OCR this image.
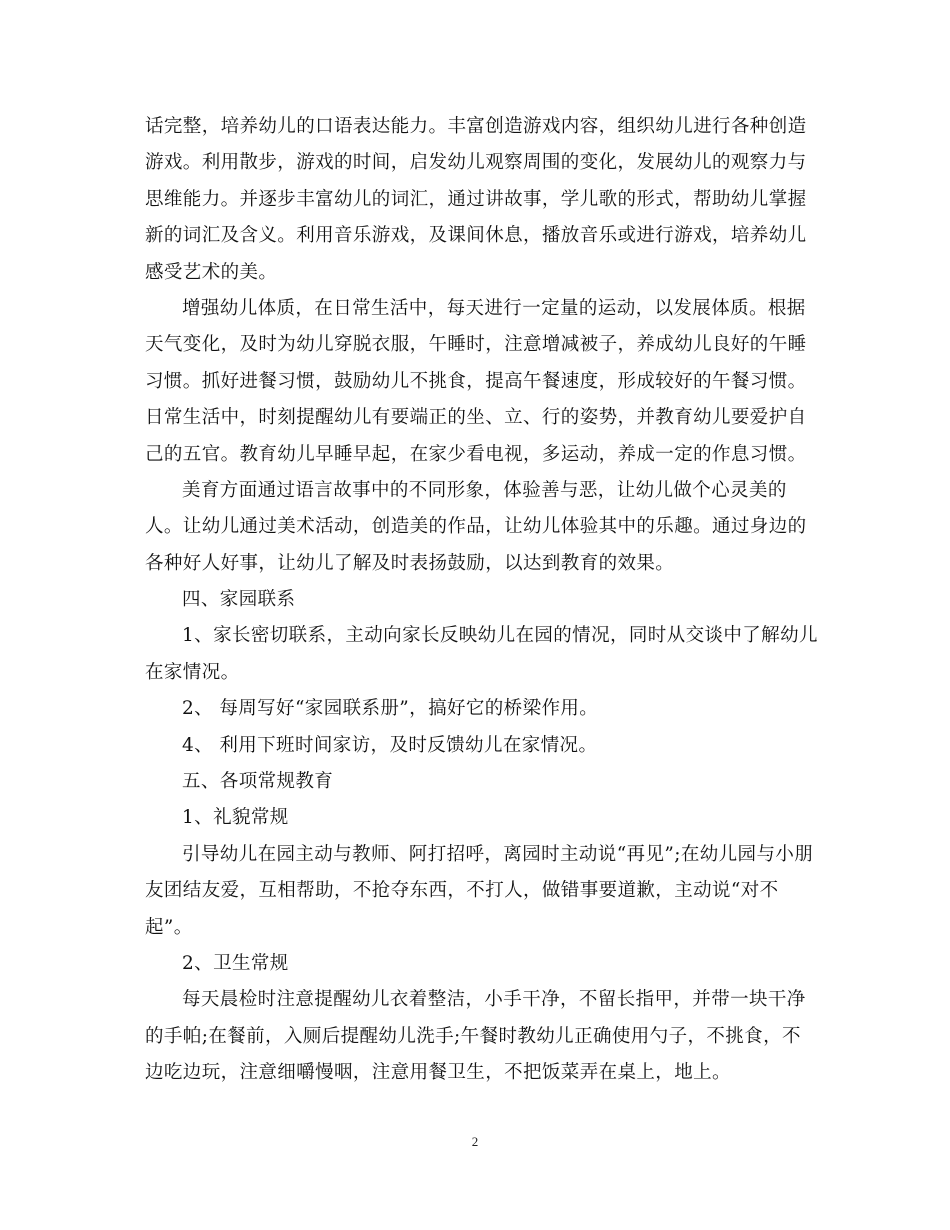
话完整，培养幼儿的口语表达能力。丰富创造游戏内容，组织幼儿进行各种创造
游戏。利用散步，游戏的时间，启发幼儿观察周围的变化，发展幼儿的观察力与
思维能力。并逐步丰富幼儿的词汇，通过讲故事，学儿歌的形式，帮助幼儿掌握
新的词汇及含义。利用音乐游戏，及课间休息，播放音乐或进行游戏，培养幼儿
感受艺术的美。
增强幼儿体质，在日常生活中，每天进行一定量的运动，以发展体质。根据
天气变化，及时为幼儿穿脱衣服，午睡时，注意增减被子，养成幼儿良好的午睡
习惯。抓好进餐习惯，鼓励幼儿不挑食，提高午餐速度，形成较好的午餐习惯。
日常生活中，时刻提醒幼儿有要端正的坐、立、行的姿势，并教育幼儿要爱护自
己的五官。教育幼儿早睡早起，在家少看电视，多运动，养成一定的作息习惯。
美育方面通过语言故事中的不同形象，体验善与恶，让幼儿做个心灵美的
人。让幼儿通过美术活动，创造美的作品，让幼儿体验其中的乐趣。通过身边的
各种好人好事，让幼儿了解及时表扬鼓励，以达到教育的效果。
四、家园联系
1、家长密切联系，主动向家长反映幼儿在园的情况，同时从交谈中了解幼儿
在家情况。
2、 每周写好“家园联系册”，搞好它的桥梁作用。
4、 利用下班时间家访，及时反馈幼儿在家情况。
五、各项常规教育
1、礼貌常规
引导幼儿在园主动与教师、阿打招呼，离园时主动说“再见”;在幼儿园与小朋
友团结友爱，互相帮助，不抢夺东西，不打人，做错事要道歉，主动说“对不
起”。
2、卫生常规
每天晨检时注意提醒幼儿衣着整洁，小手干净，不留长指甲，并带一块干净
的手帕;在餐前，入厕后提醒幼儿洗手;午餐时教幼儿正确使用勺子，不挑食，不
边吃边玩，注意细嚼慢咽，注意用餐卫生，不把饭菜弄在桌上，地上。
2
